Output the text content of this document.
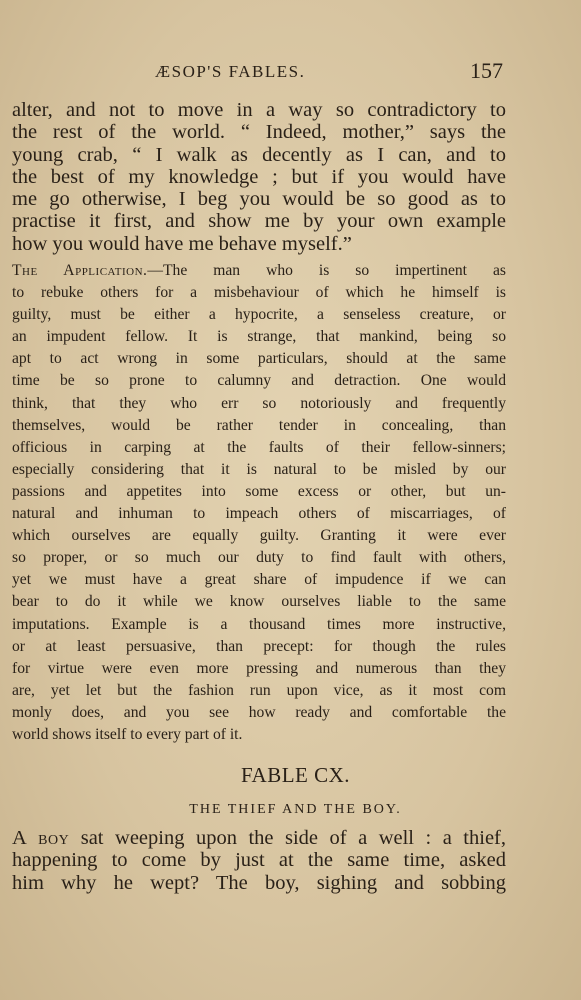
ÆSOP'S FABLES.	157
alter, and not to move in a way so contradictory to
the rest of the world. “ Indeed, mother,” says the
young crab, “ I walk as decently as I can, and to
the best of my knowledge ; but if you would have
me go otherwise, I beg you would be so good as to
practise it first, and show me by your own example
how you would have me behave myself.”
The Application.—The man who is so impertinent as
to rebuke others for a misbehaviour of which he himself is
guilty, must be either a hypocrite, a senseless creature, or
an impudent fellow. It is strange, that mankind, being so
apt to act wrong in some particulars, should at the same
time be so prone to calumny and detraction. One would
think, that they who err so notoriously and frequently
themselves, would be rather tender in concealing, than
officious in carping at the faults of their fellow-sinners;
especially considering that it is natural to be misled by our
passions and appetites into some excess or other, but un-
natural and inhuman to impeach others of miscarriages, of
which ourselves are equally guilty. Granting it were ever
so proper, or so much our duty to find fault with others,
yet we must have a great share of impudence if we can
bear to do it while we know ourselves liable to the same
imputations. Example is a thousand times more instructive,
or at least persuasive, than precept: for though the rules
for virtue were even more pressing and numerous than they
are, yet let but the fashion run upon vice, as it most com
monly does, and you see how ready and comfortable the
world shows itself to every part of it.
FABLE CX.
THE THIEF AND THE BOY.
A boy sat weeping upon the side of a well : a thief,
happening to come by just at the same time, asked
him why he wept? The boy, sighing and sobbing
